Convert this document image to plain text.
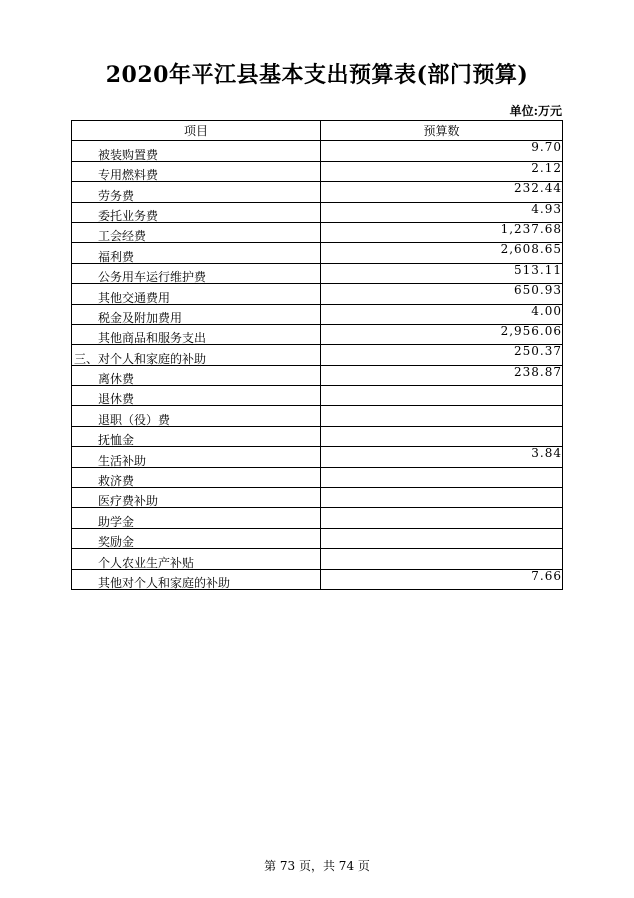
2020年平江县基本支出预算表(部门预算)
单位:万元
项目	预算数
被装购置费	9.70
专用燃料费	2.12
劳务费	232.44
委托业务费	4.93
工会经费	1,237.68
福利费	2,608.65
公务用车运行维护费	513.11
其他交通费用	650.93
税金及附加费用	4.00
其他商品和服务支出	2,956.06
三、对个人和家庭的补助	250.37
离休费	238.87
退休费	
退职（役）费	
抚恤金	
生活补助	3.84
救济费	
医疗费补助	
助学金	
奖励金	
个人农业生产补贴	
其他对个人和家庭的补助	7.66
第 73 页，共 74 页
